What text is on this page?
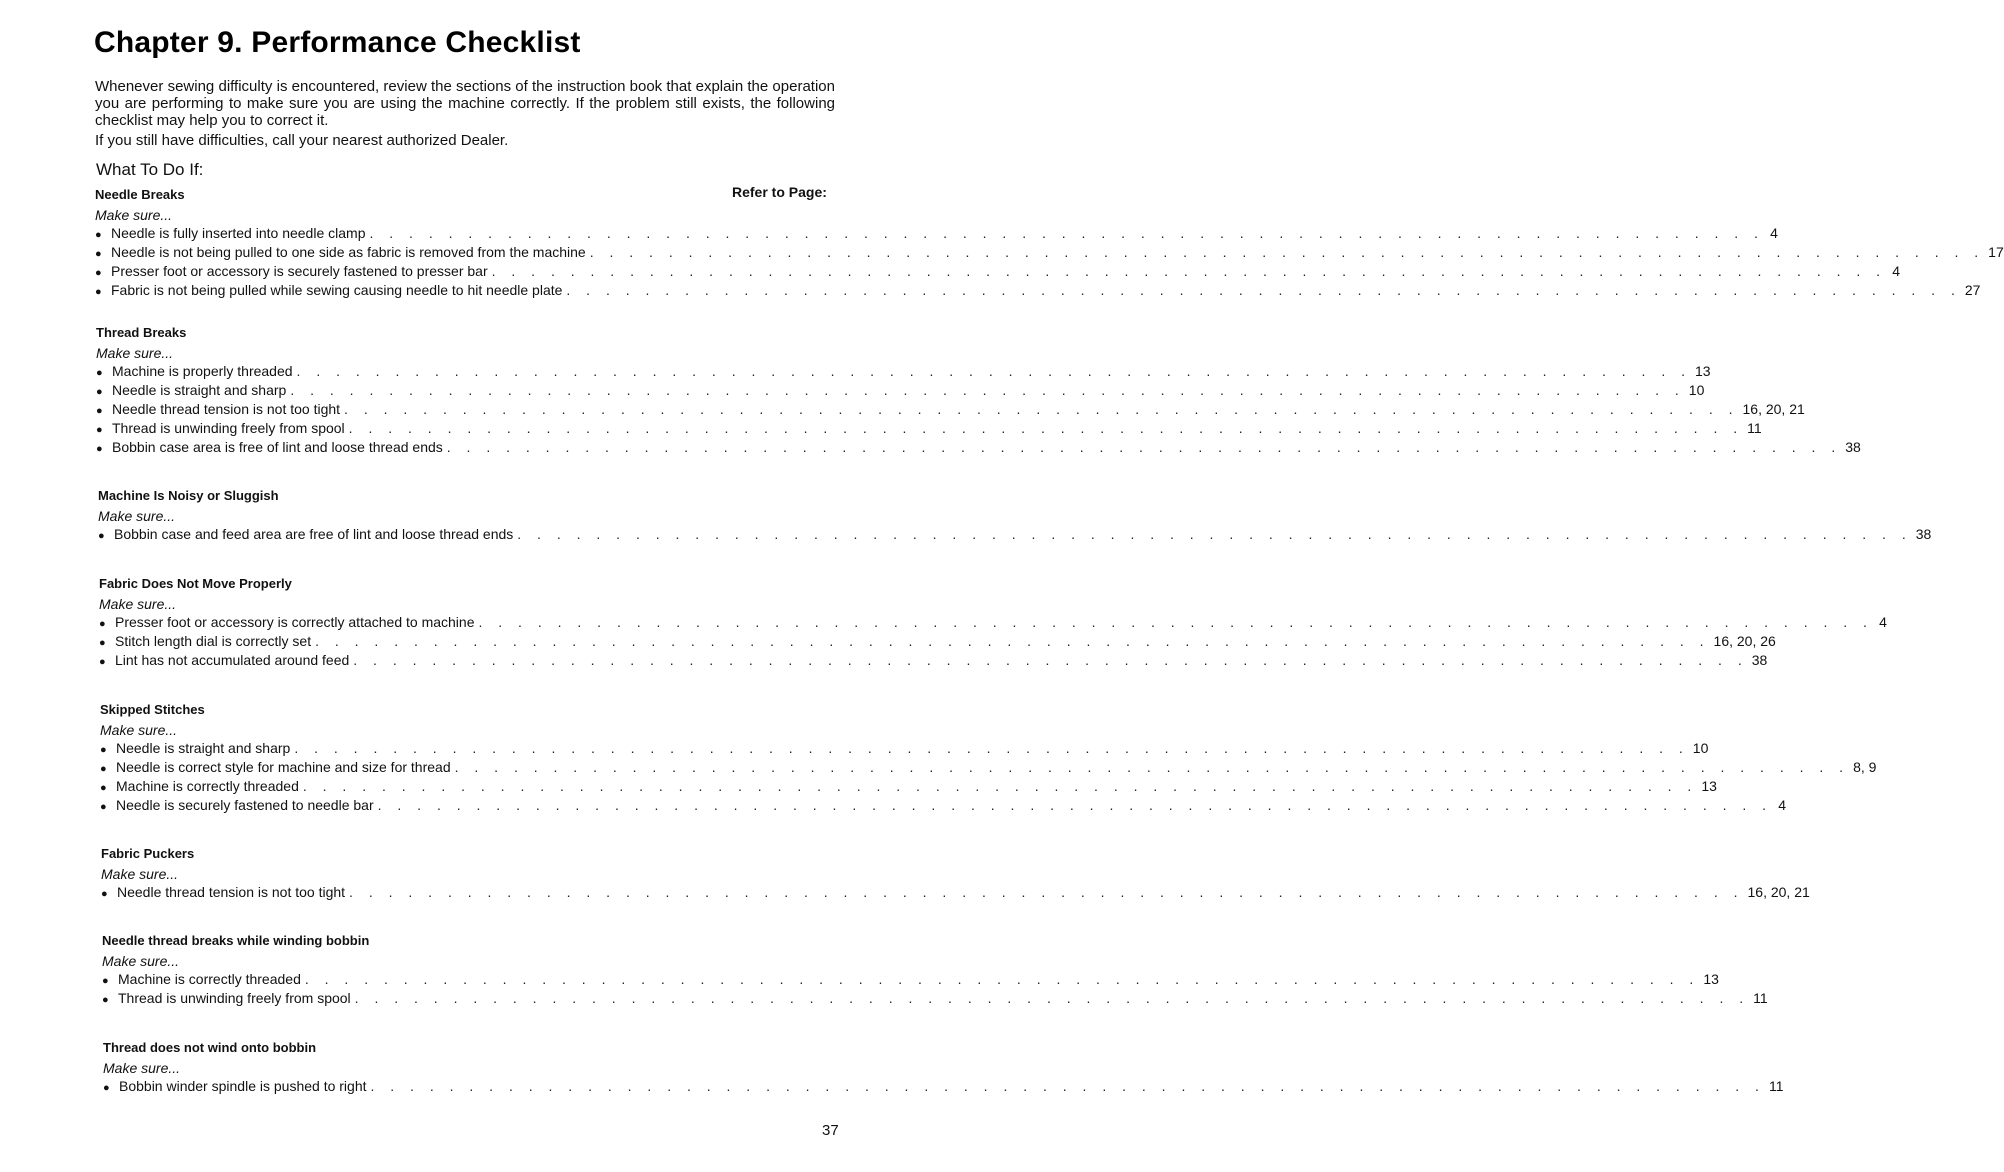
Chapter 9. Performance Checklist

Whenever sewing difficulty is encountered, review the sections of the instruction book that explain the operation you are performing to make sure you are using the machine correctly. If the problem still exists, the following checklist may help you to correct it.

If you still have difficulties, call your nearest authorized Dealer.

What To Do If:

Refer to Page:

Needle Breaks

Make sure...

● Needle is fully inserted into needle clamp . . . . . . . . . . . . . . . . . . . . . . . . . . . . . . . . . . . . . . . . . . . . . . . . . . . . . . . . . . . . . . . . . . . . . . . 4
● Needle is not being pulled to one side as fabric is removed from the machine . . . . . . . . . . . . . . . . . . . . . . . . . . . . . . . . . . . . . . . . . . . . . . . . . . . . . . . . . . . . . . . . . . . . . . . 17
● Presser foot or accessory is securely fastened to presser bar . . . . . . . . . . . . . . . . . . . . . . . . . . . . . . . . . . . . . . . . . . . . . . . . . . . . . . . . . . . . . . . . . . . . . . . 4
● Fabric is not being pulled while sewing causing needle to hit needle plate . . . . . . . . . . . . . . . . . . . . . . . . . . . . . . . . . . . . . . . . . . . . . . . . . . . . . . . . . . . . . . . . . . . . . . . 27

Thread Breaks

Make sure...

● Machine is properly threaded . . . . . . . . . . . . . . . . . . . . . . . . . . . . . . . . . . . . . . . . . . . . . . . . . . . . . . . . . . . . . . . . . . . . . . . 13
● Needle is straight and sharp . . . . . . . . . . . . . . . . . . . . . . . . . . . . . . . . . . . . . . . . . . . . . . . . . . . . . . . . . . . . . . . . . . . . . . . 10
● Needle thread tension is not too tight . . . . . . . . . . . . . . . . . . . . . . . . . . . . . . . . . . . . . . . . . . . . . . . . . . . . . . . . . . . . . . . . . . . . . . . 16, 20, 21
● Thread is unwinding freely from spool . . . . . . . . . . . . . . . . . . . . . . . . . . . . . . . . . . . . . . . . . . . . . . . . . . . . . . . . . . . . . . . . . . . . . . . 11
● Bobbin case area is free of lint and loose thread ends . . . . . . . . . . . . . . . . . . . . . . . . . . . . . . . . . . . . . . . . . . . . . . . . . . . . . . . . . . . . . . . . . . . . . . . 38

Machine Is Noisy or Sluggish

Make sure...

● Bobbin case and feed area are free of lint and loose thread ends . . . . . . . . . . . . . . . . . . . . . . . . . . . . . . . . . . . . . . . . . . . . . . . . . . . . . . . . . . . . . . . . . . . . . . . 38

Fabric Does Not Move Properly

Make sure...

● Presser foot or accessory is correctly attached to machine . . . . . . . . . . . . . . . . . . . . . . . . . . . . . . . . . . . . . . . . . . . . . . . . . . . . . . . . . . . . . . . . . . . . . . . 4
● Stitch length dial is correctly set . . . . . . . . . . . . . . . . . . . . . . . . . . . . . . . . . . . . . . . . . . . . . . . . . . . . . . . . . . . . . . . . . . . . . . . 16, 20, 26
● Lint has not accumulated around feed . . . . . . . . . . . . . . . . . . . . . . . . . . . . . . . . . . . . . . . . . . . . . . . . . . . . . . . . . . . . . . . . . . . . . . . 38

Skipped Stitches

Make sure...

● Needle is straight and sharp . . . . . . . . . . . . . . . . . . . . . . . . . . . . . . . . . . . . . . . . . . . . . . . . . . . . . . . . . . . . . . . . . . . . . . . 10
● Needle is correct style for machine and size for thread . . . . . . . . . . . . . . . . . . . . . . . . . . . . . . . . . . . . . . . . . . . . . . . . . . . . . . . . . . . . . . . . . . . . . . . 8, 9
● Machine is correctly threaded . . . . . . . . . . . . . . . . . . . . . . . . . . . . . . . . . . . . . . . . . . . . . . . . . . . . . . . . . . . . . . . . . . . . . . . 13
● Needle is securely fastened to needle bar . . . . . . . . . . . . . . . . . . . . . . . . . . . . . . . . . . . . . . . . . . . . . . . . . . . . . . . . . . . . . . . . . . . . . . . 4

Fabric Puckers

Make sure...

● Needle thread tension is not too tight . . . . . . . . . . . . . . . . . . . . . . . . . . . . . . . . . . . . . . . . . . . . . . . . . . . . . . . . . . . . . . . . . . . . . . . 16, 20, 21

Needle thread breaks while winding bobbin

Make sure...

● Machine is correctly threaded . . . . . . . . . . . . . . . . . . . . . . . . . . . . . . . . . . . . . . . . . . . . . . . . . . . . . . . . . . . . . . . . . . . . . . . 13
● Thread is unwinding freely from spool . . . . . . . . . . . . . . . . . . . . . . . . . . . . . . . . . . . . . . . . . . . . . . . . . . . . . . . . . . . . . . . . . . . . . . . 11

Thread does not wind onto bobbin

Make sure...

● Bobbin winder spindle is pushed to right . . . . . . . . . . . . . . . . . . . . . . . . . . . . . . . . . . . . . . . . . . . . . . . . . . . . . . . . . . . . . . . . . . . . . . . 11

37
